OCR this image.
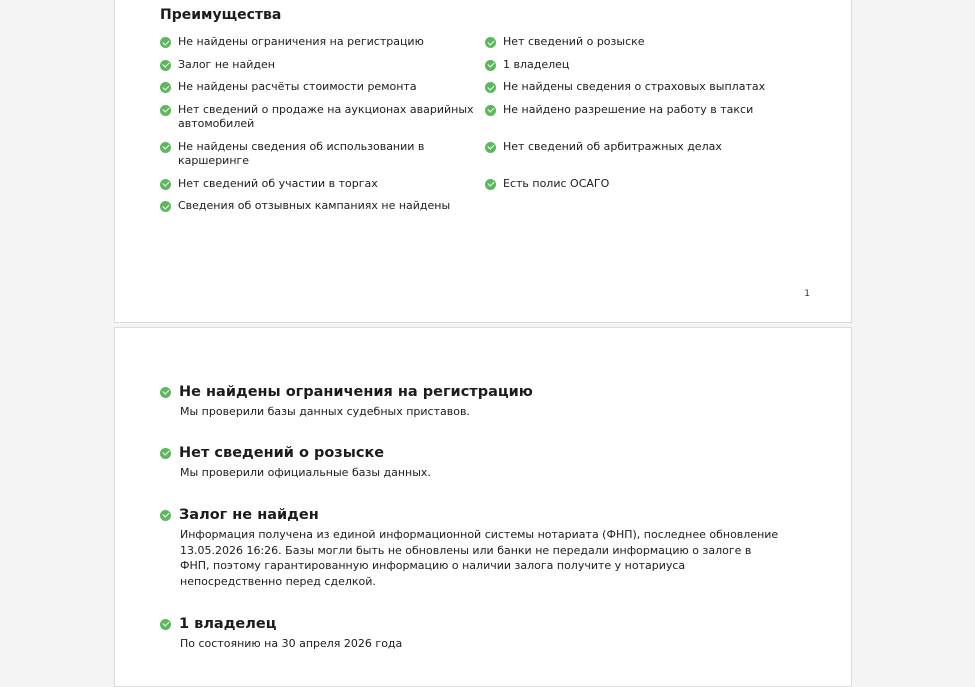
Преимущества
Не найдены ограничения на регистрацию	Нет сведений о розыске
Залог не найден	1 владелец
Не найдены расчёты стоимости ремонта	Не найдены сведения о страховых выплатах
Нет сведений о продаже на аукционах аварийных автомобилей
Не найдено разрешение на работу в такси
Не найдены сведения об использовании в каршеринге
Нет сведений об арбитражных делах
Нет сведений об участии в торгах	Есть полис ОСАГО
Сведения об отзывных кампаниях не найдены
1
Не найдены ограничения на регистрацию

Мы проверили базы данных судебных приставов.

Нет сведений о розыске

Мы проверили официальные базы данных.

Залог не найден

Информация получена из единой информационной системы нотариата (ФНП), последнее обновление 13.05.2026 16:26. Базы могли быть не обновлены или банки не передали информацию о залоге в ФНП, поэтому гарантированную информацию о наличии залога получите у нотариуса непосредственно перед сделкой.

1 владелец

По состоянию на 30 апреля 2026 года
